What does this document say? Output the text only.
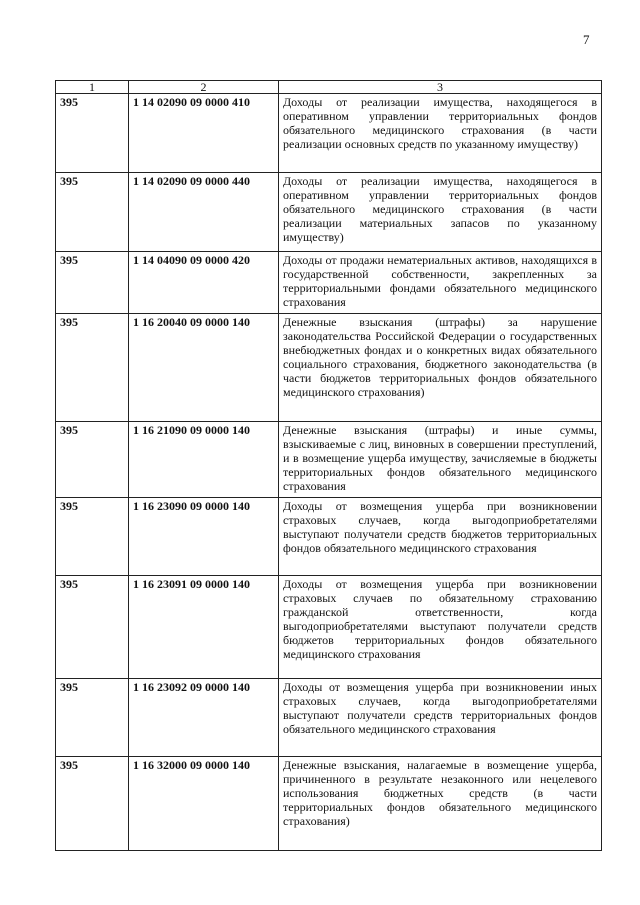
7
1	2	3
395	1 14 02090 09 0000 410	Доходы от реализации имущества, находящегося в оперативном управлении территориальных фондов обязательного медицинского страхования (в части реализации основных средств по указанному имуществу)
395	1 14 02090 09 0000 440	Доходы от реализации имущества, находящегося в оперативном управлении территориальных фондов обязательного медицинского страхования (в части реализации материальных запасов по указанному имуществу)
395	1 14 04090 09 0000 420	Доходы от продажи нематериальных активов, находящихся в государственной собственности, закрепленных за территориальными фондами обязательного медицинского страхования
395	1 16 20040 09 0000 140	Денежные взыскания (штрафы) за нарушение законодательства Российской Федерации о государственных внебюджетных фондах и о конкретных видах обязательного социального страхования, бюджетного законодательства (в части бюджетов территориальных фондов обязательного медицинского страхования)
395	1 16 21090 09 0000 140	Денежные взыскания (штрафы) и иные суммы, взыскиваемые с лиц, виновных в совершении преступлений, и в возмещение ущерба имуществу, зачисляемые в бюджеты территориальных фондов обязательного медицинского страхования
395	1 16 23090 09 0000 140	Доходы от возмещения ущерба при возникновении страховых случаев, когда выгодоприобретателями выступают получатели средств бюджетов территориальных фондов обязательного медицинского страхования
395	1 16 23091 09 0000 140	Доходы от возмещения ущерба при возникновении страховых случаев по обязательному страхованию гражданской ответственности, когда выгодоприобретателями выступают получатели средств бюджетов территориальных фондов обязательного медицинского страхования
395	1 16 23092 09 0000 140	Доходы от возмещения ущерба при возникновении иных страховых случаев, когда выгодоприобретателями выступают получатели средств территориальных фондов обязательного медицинского страхования
395	1 16 32000 09 0000 140	Денежные взыскания, налагаемые в возмещение ущерба, причиненного в результате незаконного или нецелевого использования бюджетных средств (в части территориальных фондов обязательного медицинского страхования)
